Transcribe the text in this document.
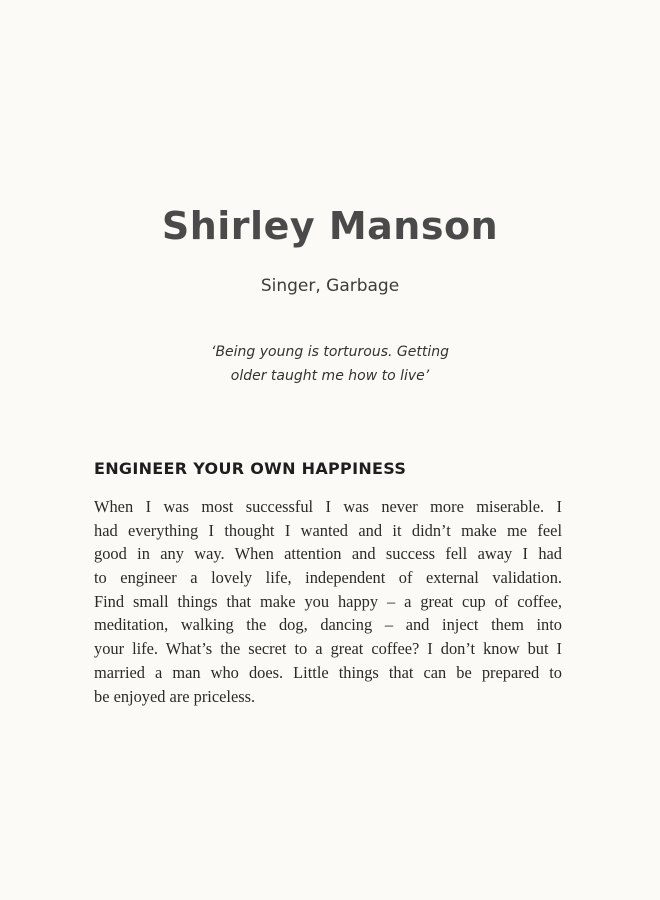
Shirley Manson
Singer, Garbage
‘Being young is torturous. Getting
older taught me how to live’
ENGINEER YOUR OWN HAPPINESS
When I was most successful I was never more miserable. I
had everything I thought I wanted and it didn’t make me feel
good in any way. When attention and success fell away I had
to engineer a lovely life, independent of external validation.
Find small things that make you happy – a great cup of coffee,
meditation, walking the dog, dancing – and inject them into
your life. What’s the secret to a great coffee? I don’t know but I
married a man who does. Little things that can be prepared to
be enjoyed are priceless.
